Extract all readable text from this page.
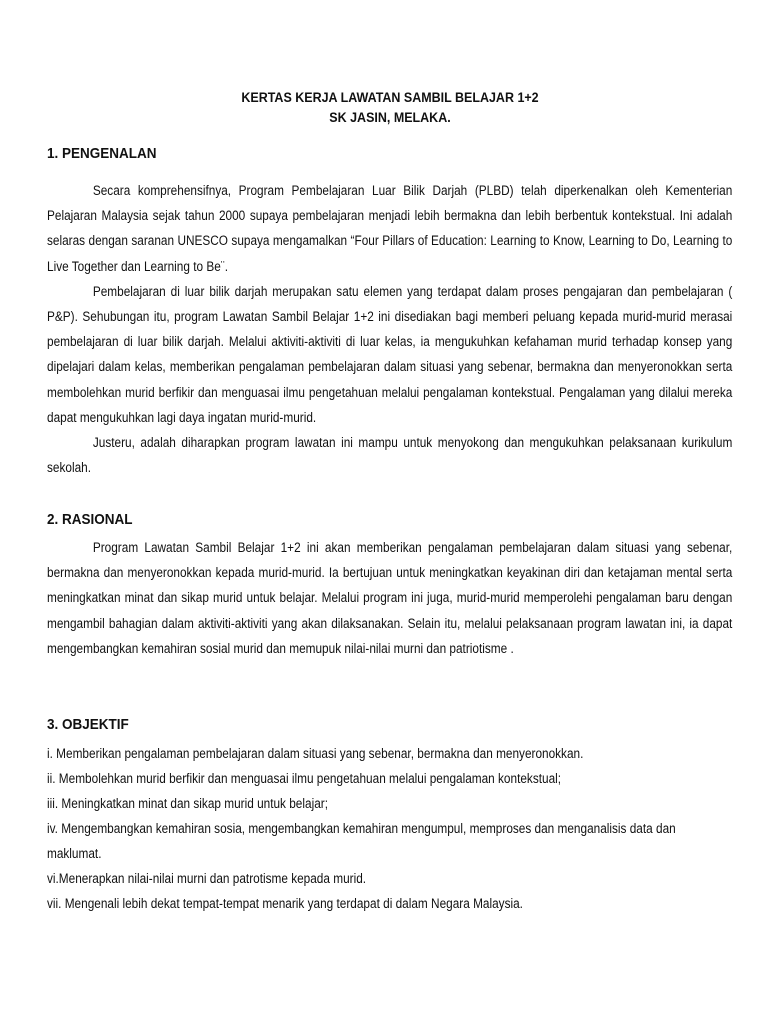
KERTAS KERJA LAWATAN SAMBIL BELAJAR 1+2
SK JASIN, MELAKA.
1. PENGENALAN

Secara komprehensifnya, Program Pembelajaran Luar Bilik Darjah (PLBD) telah diperkenalkan oleh Kementerian Pelajaran Malaysia sejak tahun 2000 supaya pembelajaran menjadi lebih bermakna dan lebih berbentuk kontekstual. Ini adalah selaras dengan saranan UNESCO supaya mengamalkan “Four Pillars of Education: Learning to Know, Learning to Do, Learning to Live Together dan Learning to Be¨.

Pembelajaran di luar bilik darjah merupakan satu elemen yang terdapat dalam proses pengajaran dan pembelajaran ( P&P). Sehubungan itu, program Lawatan Sambil Belajar 1+2 ini disediakan bagi memberi peluang kepada murid-murid merasai pembelajaran di luar bilik darjah. Melalui aktiviti-aktiviti di luar kelas, ia mengukuhkan kefahaman murid terhadap konsep yang dipelajari dalam kelas, memberikan pengalaman pembelajaran dalam situasi yang sebenar, bermakna dan menyeronokkan serta membolehkan murid berfikir dan menguasai ilmu pengetahuan melalui pengalaman kontekstual. Pengalaman yang dilalui mereka dapat mengukuhkan lagi daya ingatan murid-murid.

Justeru, adalah diharapkan program lawatan ini mampu untuk menyokong dan mengukuhkan pelaksanaan kurikulum sekolah.

2. RASIONAL

Program Lawatan Sambil Belajar 1+2 ini akan memberikan pengalaman pembelajaran dalam situasi yang sebenar, bermakna dan menyeronokkan kepada murid-murid. Ia bertujuan untuk meningkatkan keyakinan diri dan ketajaman mental serta meningkatkan minat dan sikap murid untuk belajar. Melalui program ini juga, murid-murid memperolehi pengalaman baru dengan mengambil bahagian dalam aktiviti-aktiviti yang akan dilaksanakan. Selain itu, melalui pelaksanaan program lawatan ini, ia dapat mengembangkan kemahiran sosial murid dan memupuk nilai-nilai murni dan patriotisme .

3. OBJEKTIF
i. Memberikan pengalaman pembelajaran dalam situasi yang sebenar, bermakna dan menyeronokkan.
ii. Membolehkan murid berfikir dan menguasai ilmu pengetahuan melalui pengalaman kontekstual;
iii. Meningkatkan minat dan sikap murid untuk belajar;
iv. Mengembangkan kemahiran sosia, mengembangkan kemahiran mengumpul, memproses dan menganalisis data dan maklumat.
vi.Menerapkan nilai-nilai murni dan patrotisme kepada murid.
vii. Mengenali lebih dekat tempat-tempat menarik yang terdapat di dalam Negara Malaysia.
